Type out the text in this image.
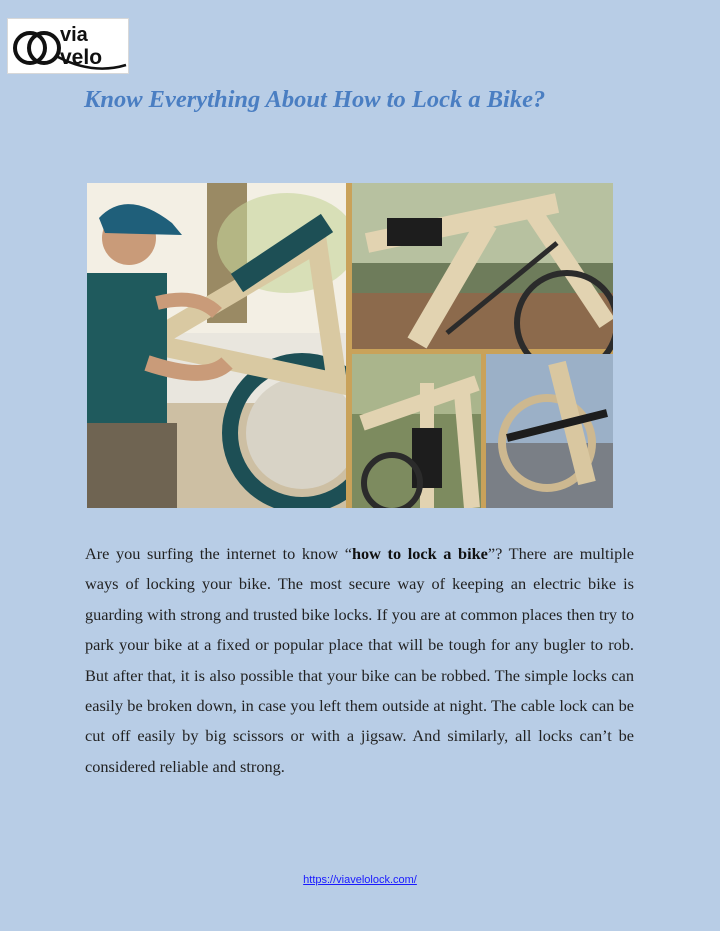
via
velo
Know Everything About How to Lock a Bike?

Are you surfing the internet to know “how to lock a bike”? There are multiple ways of locking your bike. The most secure way of keeping an electric bike is guarding with strong and trusted bike locks. If you are at common places then try to park your bike at a fixed or popular place that will be tough for any bugler to rob. But after that, it is also possible that your bike can be robbed. The simple locks can easily be broken down, in case you left them outside at night. The cable lock can be cut off easily by big scissors or with a jigsaw. And similarly, all locks can’t be considered reliable and strong.

https://viavelolock.com/
